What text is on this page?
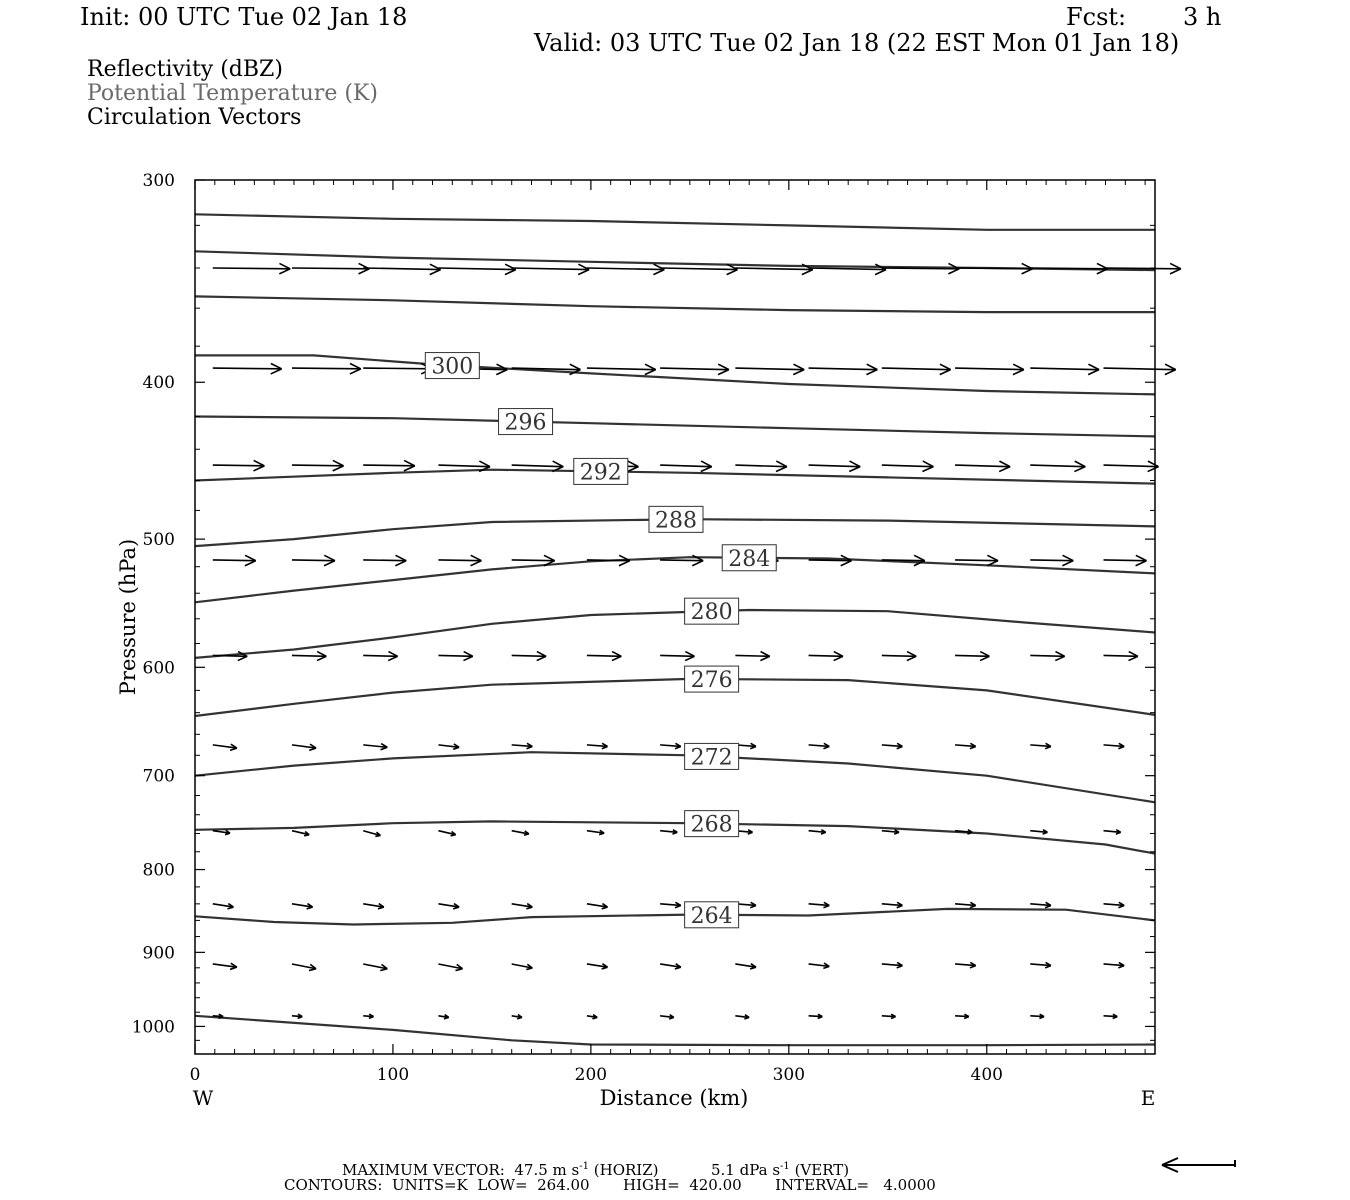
Init: 00 UTC Tue 02 Jan 18	Fcst: 3 h
Valid: 03 UTC Tue 02 Jan 18 (22 EST Mon 01 Jan 18)
Reflectivity (dBZ)
Potential Temperature (K)
Circulation Vectors
300
296
292
288
284
280
276
272
268
264
0	100	200	300	400
300
400
500
600
700
800
900
1000
Distance (km)
Pressure (hPa)
W	E
MAXIMUM VECTOR: 47.5 m $s^{-1}$ (HORIZ)	5.1 dPa $s^{-1}$ (VERT)
CONTOURS: UNITS=K LOW= 264.00 HIGH= 420.00 INTERVAL= 4.0000
